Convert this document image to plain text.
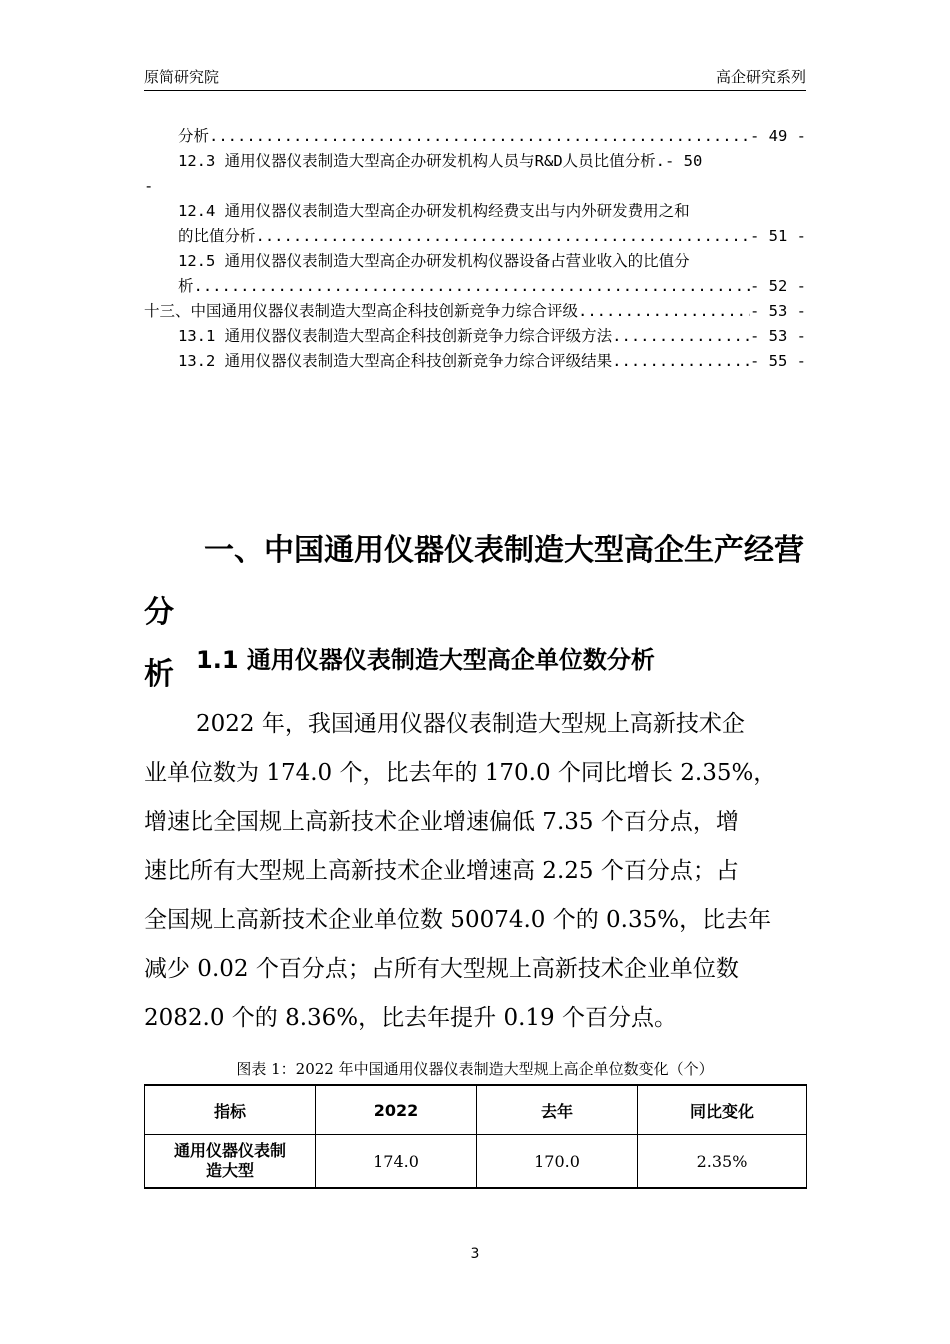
原简研究院	高企研究系列
分析 .....	- 49 -
12.3 通用仪器仪表制造大型高企办研发机构人员与R&D人员比值分析. - 50
-
12.4 通用仪器仪表制造大型高企办研发机构经费支出与内外研发费用之和
的比值分析 .....	- 51 -
12.5 通用仪器仪表制造大型高企办研发机构仪器设备占营业收入的比值分
析 .....	- 52 -
十三、中国通用仪器仪表制造大型高企科技创新竞争力综合评级 .....	- 53 -
13.1 通用仪器仪表制造大型高企科技创新竞争力综合评级方法 .....	- 53 -
13.2 通用仪器仪表制造大型高企科技创新竞争力综合评级结果 .....	- 55 -
一、中国通用仪器仪表制造大型高企生产经营分
析 1.1 通用仪器仪表制造大型高企单位数分析
2022 年，我国通用仪器仪表制造大型规上高新技术企
业单位数为 174.0 个，比去年的 170.0 个同比增长 2.35%，
增速比全国规上高新技术企业增速偏低 7.35 个百分点，增
速比所有大型规上高新技术企业增速高 2.25 个百分点；占
全国规上高新技术企业单位数 50074.0 个的 0.35%，比去年
减少 0.02 个百分点；占所有大型规上高新技术企业单位数
2082.0 个的 8.36%，比去年提升 0.19 个百分点。
图表 1：2022 年中国通用仪器仪表制造大型规上高企单位数变化（个）
指标	2022	去年	同比变化

通用仪器仪表制
造大型	174.0	170.0	2.35%
3
